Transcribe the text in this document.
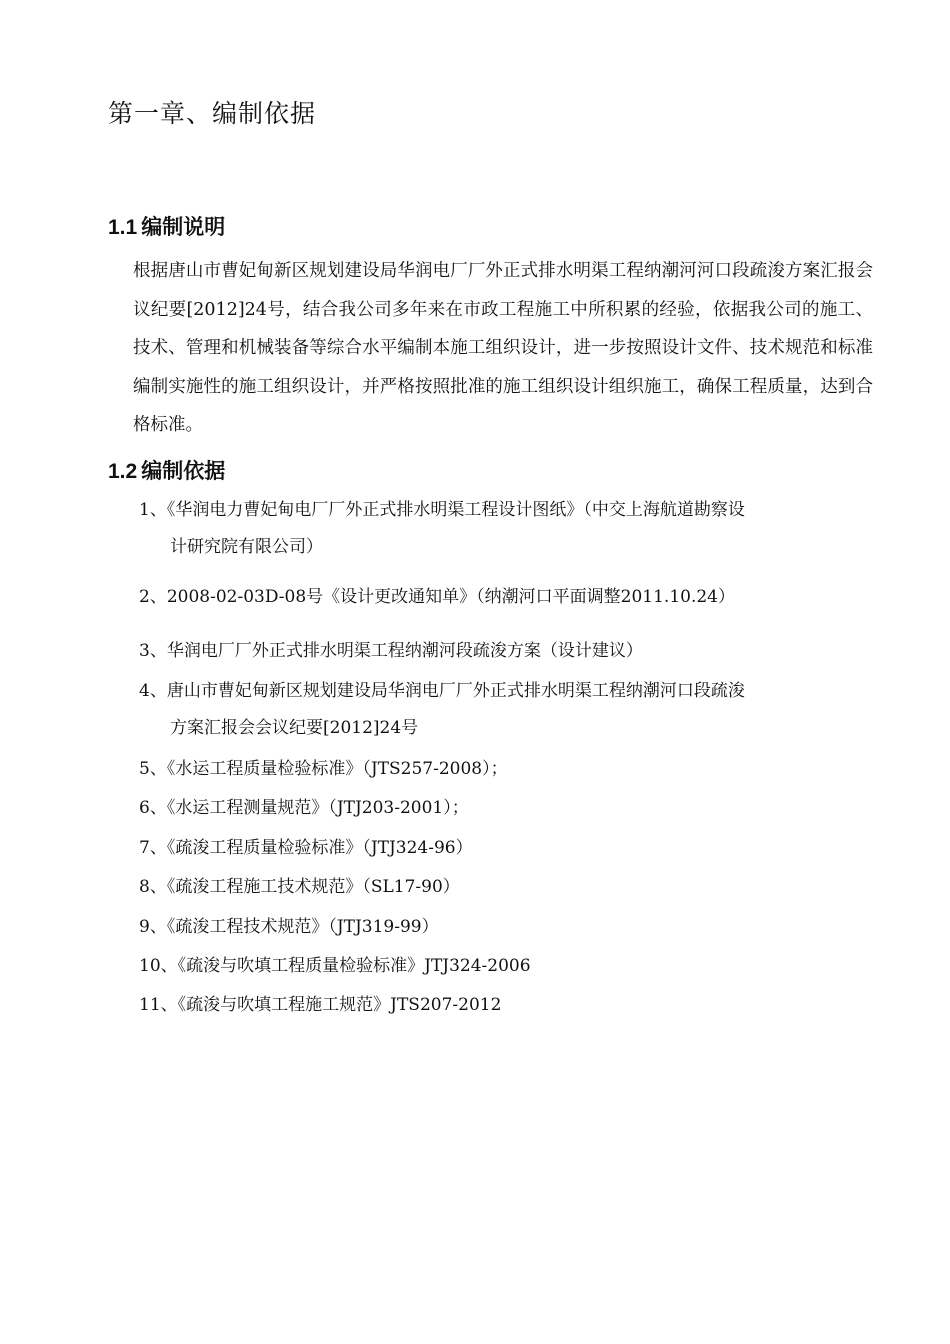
第一章、编制依据
1.1 编制说明

根据唐山市曹妃甸新区规划建设局华润电厂厂外正式排水明渠工程纳潮河河口段疏浚方案汇报会议纪要[2012]24号，结合我公司多年来在市政工程施工中所积累的经验，依据我公司的施工、技术、管理和机械装备等综合水平编制本施工组织设计，进一步按照设计文件、技术规范和标准编制实施性的施工组织设计，并严格按照批准的施工组织设计组织施工，确保工程质量，达到合格标准。

1.2 编制依据
1、《华润电力曹妃甸电厂厂外正式排水明渠工程设计图纸》（中交上海航道勘察设
计研究院有限公司）
2、2008-02-03D-08号《设计更改通知单》（纳潮河口平面调整2011.10.24）
3、华润电厂厂外正式排水明渠工程纳潮河段疏浚方案（设计建议）
4、唐山市曹妃甸新区规划建设局华润电厂厂外正式排水明渠工程纳潮河口段疏浚
方案汇报会会议纪要[2012]24号
5、《水运工程质量检验标准》（JTS257-2008）；
6、《水运工程测量规范》（JTJ203-2001）；
7、《疏浚工程质量检验标准》（JTJ324-96）
8、《疏浚工程施工技术规范》（SL17-90）
9、《疏浚工程技术规范》（JTJ319-99）
10、《疏浚与吹填工程质量检验标准》JTJ324-2006
11、《疏浚与吹填工程施工规范》JTS207-2012
